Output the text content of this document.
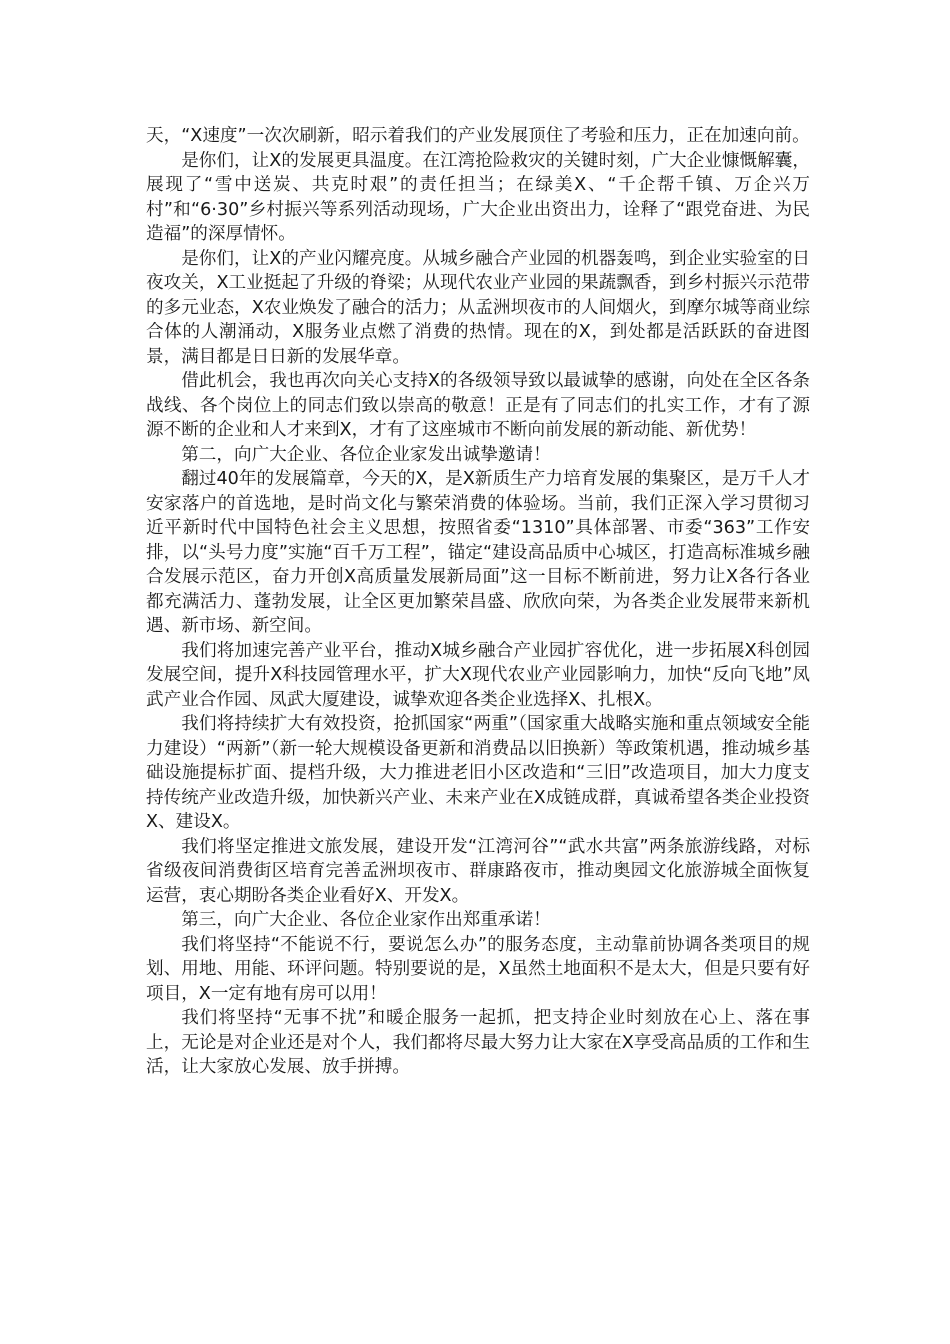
天，“X速度”一次次刷新，昭示着我们的产业发展顶住了考验和压力，正在加速向前。

是你们，让X的发展更具温度。在江湾抢险救灾的关键时刻，广大企业慷慨解囊，展现了“雪中送炭、共克时艰”的责任担当；在绿美X、“千企帮千镇、万企兴万村”和“6·30”乡村振兴等系列活动现场，广大企业出资出力，诠释了“跟党奋进、为民造福”的深厚情怀。

是你们，让X的产业闪耀亮度。从城乡融合产业园的机器轰鸣，到企业实验室的日夜攻关，X工业挺起了升级的脊梁；从现代农业产业园的果蔬飘香，到乡村振兴示范带的多元业态，X农业焕发了融合的活力；从孟洲坝夜市的人间烟火，到摩尔城等商业综合体的人潮涌动，X服务业点燃了消费的热情。现在的X，到处都是活跃跃的奋进图景，满目都是日日新的发展华章。

借此机会，我也再次向关心支持X的各级领导致以最诚挚的感谢，向处在全区各条战线、各个岗位上的同志们致以崇高的敬意！正是有了同志们的扎实工作，才有了源源不断的企业和人才来到X，才有了这座城市不断向前发展的新动能、新优势！

第二，向广大企业、各位企业家发出诚挚邀请！

翻过40年的发展篇章，今天的X，是X新质生产力培育发展的集聚区，是万千人才安家落户的首选地，是时尚文化与繁荣消费的体验场。当前，我们正深入学习贯彻习近平新时代中国特色社会主义思想，按照省委“1310”具体部署、市委“363”工作安排，以“头号力度”实施“百千万工程”，锚定“建设高品质中心城区，打造高标准城乡融合发展示范区，奋力开创X高质量发展新局面”这一目标不断前进，努力让X各行各业都充满活力、蓬勃发展，让全区更加繁荣昌盛、欣欣向荣，为各类企业发展带来新机遇、新市场、新空间。

我们将加速完善产业平台，推动X城乡融合产业园扩容优化，进一步拓展X科创园发展空间，提升X科技园管理水平，扩大X现代农业产业园影响力，加快“反向飞地”凤武产业合作园、凤武大厦建设，诚挚欢迎各类企业选择X、扎根X。

我们将持续扩大有效投资，抢抓国家“两重”（国家重大战略实施和重点领域安全能力建设）“两新”（新一轮大规模设备更新和消费品以旧换新）等政策机遇，推动城乡基础设施提标扩面、提档升级，大力推进老旧小区改造和“三旧”改造项目，加大力度支持传统产业改造升级，加快新兴产业、未来产业在X成链成群，真诚希望各类企业投资X、建设X。

我们将坚定推进文旅发展，建设开发“江湾河谷”“武水共富”两条旅游线路，对标省级夜间消费街区培育完善孟洲坝夜市、群康路夜市，推动奥园文化旅游城全面恢复运营，衷心期盼各类企业看好X、开发X。

第三，向广大企业、各位企业家作出郑重承诺！

我们将坚持“不能说不行，要说怎么办”的服务态度，主动靠前协调各类项目的规划、用地、用能、环评问题。特别要说的是，X虽然土地面积不是太大，但是只要有好项目，X一定有地有房可以用！

我们将坚持“无事不扰”和暖企服务一起抓，把支持企业时刻放在心上、落在事上，无论是对企业还是对个人，我们都将尽最大努力让大家在X享受高品质的工作和生活，让大家放心发展、放手拼搏。
